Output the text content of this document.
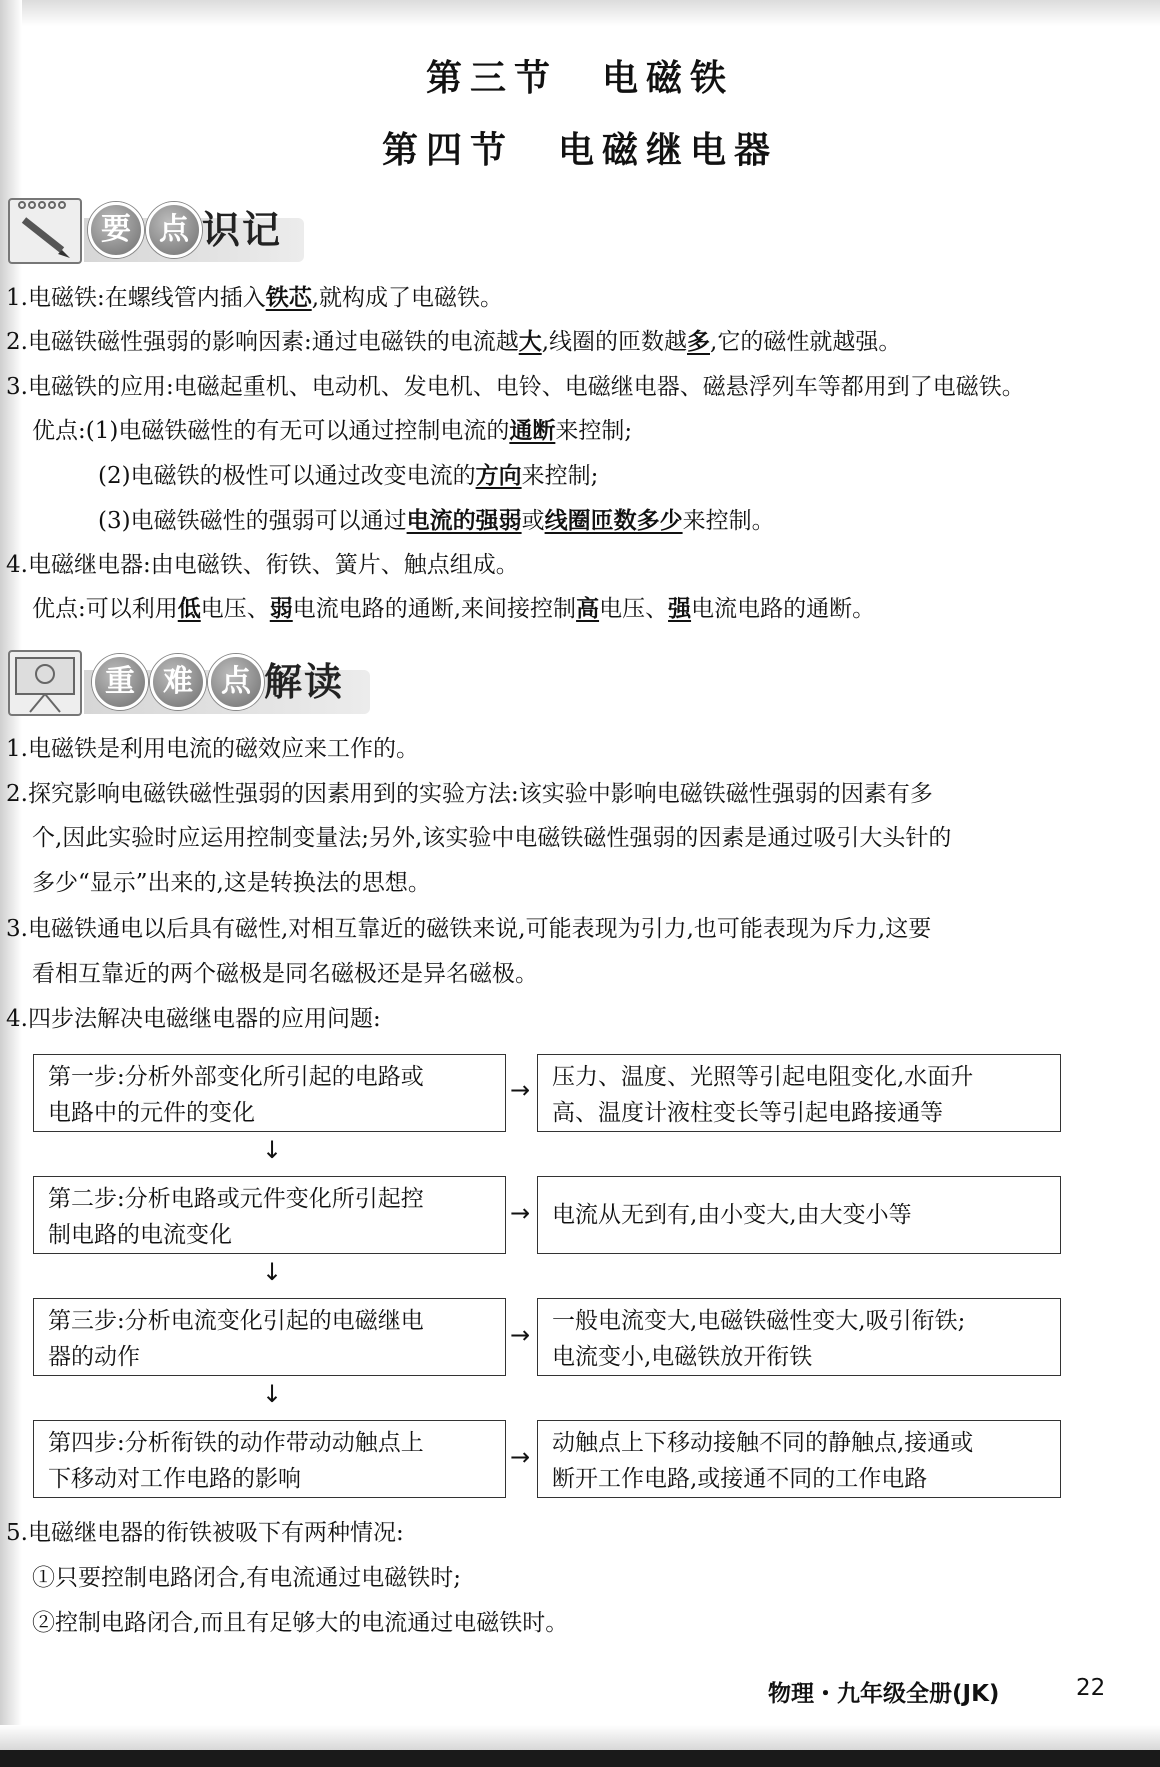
第三节 电磁铁
第四节 电磁继电器
要 点 识记
1.电磁铁:在螺线管内插入铁芯,就构成了电磁铁。
2.电磁铁磁性强弱的影响因素:通过电磁铁的电流越大,线圈的匝数越多,它的磁性就越强。
3.电磁铁的应用:电磁起重机、电动机、发电机、电铃、电磁继电器、磁悬浮列车等都用到了电磁铁。
优点:(1)电磁铁磁性的有无可以通过控制电流的通断来控制;
(2)电磁铁的极性可以通过改变电流的方向来控制;
(3)电磁铁磁性的强弱可以通过电流的强弱或线圈匝数多少来控制。
4.电磁继电器:由电磁铁、衔铁、簧片、触点组成。
优点:可以利用低电压、弱电流电路的通断,来间接控制高电压、强电流电路的通断。
重 难 点 解读
1.电磁铁是利用电流的磁效应来工作的。
2.探究影响电磁铁磁性强弱的因素用到的实验方法:该实验中影响电磁铁磁性强弱的因素有多
个,因此实验时应运用控制变量法;另外,该实验中电磁铁磁性强弱的因素是通过吸引大头针的
多少“显示”出来的,这是转换法的思想。
3.电磁铁通电以后具有磁性,对相互靠近的磁铁来说,可能表现为引力,也可能表现为斥力,这要
看相互靠近的两个磁极是同名磁极还是异名磁极。
4.四步法解决电磁继电器的应用问题:
第一步:分析外部变化所引起的电路或
电路中的元件的变化
→ 压力、温度、光照等引起电阻变化,水面升
高、温度计液柱变长等引起电路接通等
↓
第二步:分析电路或元件变化所引起控
制电路的电流变化
→ 电流从无到有,由小变大,由大变小等
↓
第三步:分析电流变化引起的电磁继电
器的动作
→ 一般电流变大,电磁铁磁性变大,吸引衔铁;
电流变小,电磁铁放开衔铁
↓
第四步:分析衔铁的动作带动动触点上
下移动对工作电路的影响
→ 动触点上下移动接触不同的静触点,接通或
断开工作电路,或接通不同的工作电路
5.电磁继电器的衔铁被吸下有两种情况:
①只要控制电路闭合,有电流通过电磁铁时;
②控制电路闭合,而且有足够大的电流通过电磁铁时。
物理・九年级全册(JK)	22
